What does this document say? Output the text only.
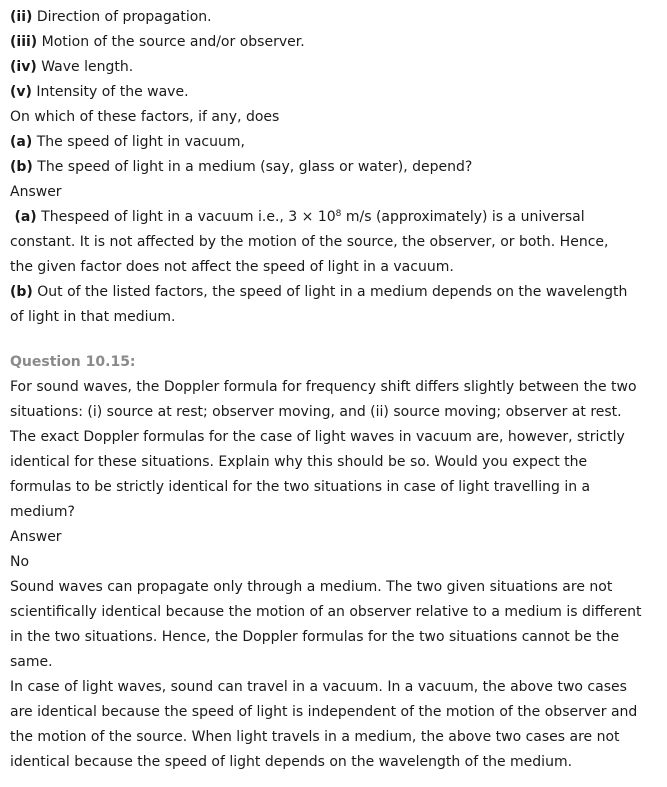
(ii) Direction of propagation.
(iii) Motion of the source and/or observer.
(iv) Wave length.
(v) Intensity of the wave.
On which of these factors, if any, does
(a) The speed of light in vacuum,
(b) The speed of light in a medium (say, glass or water), depend?
Answer
(a) Thespeed of light in a vacuum i.e., $3 \times 10^8$ m/s (approximately) is a universal
constant. It is not affected by the motion of the source, the observer, or both. Hence,
the given factor does not affect the speed of light in a vacuum.
(b) Out of the listed factors, the speed of light in a medium depends on the wavelength
of light in that medium.
Question 10.15:
For sound waves, the Doppler formula for frequency shift differs slightly between the two
situations: (i) source at rest; observer moving, and (ii) source moving; observer at rest.
The exact Doppler formulas for the case of light waves in vacuum are, however, strictly
identical for these situations. Explain why this should be so. Would you expect the
formulas to be strictly identical for the two situations in case of light travelling in a
medium?
Answer
No
Sound waves can propagate only through a medium. The two given situations are not
scientifically identical because the motion of an observer relative to a medium is different
in the two situations. Hence, the Doppler formulas for the two situations cannot be the
same.
In case of light waves, sound can travel in a vacuum. In a vacuum, the above two cases
are identical because the speed of light is independent of the motion of the observer and
the motion of the source. When light travels in a medium, the above two cases are not
identical because the speed of light depends on the wavelength of the medium.
